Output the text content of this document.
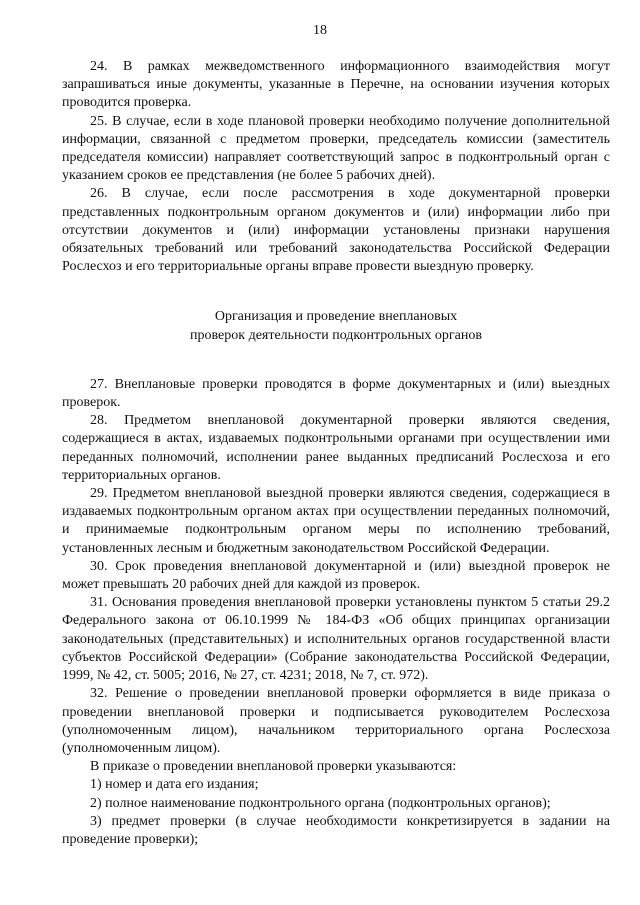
18

24. В рамках межведомственного информационного взаимодействия могут запрашиваться иные документы, указанные в Перечне, на основании изучения которых проводится проверка.

25. В случае, если в ходе плановой проверки необходимо получение дополнительной информации, связанной с предметом проверки, председатель комиссии (заместитель председателя комиссии) направляет соответствующий запрос в подконтрольный орган с указанием сроков ее представления (не более 5 рабочих дней).

26. В случае, если после рассмотрения в ходе документарной проверки представленных подконтрольным органом документов и (или) информации либо при отсутствии документов и (или) информации установлены признаки нарушения обязательных требований или требований законодательства Российской Федерации Рослесхоз и его территориальные органы вправе провести выездную проверку.

Организация и проведение внеплановых
проверок деятельности подконтрольных органов

27. Внеплановые проверки проводятся в форме документарных и (или) выездных проверок.

28. Предметом внеплановой документарной проверки являются сведения, содержащиеся в актах, издаваемых подконтрольными органами при осуществлении ими переданных полномочий, исполнении ранее выданных предписаний Рослесхоза и его территориальных органов.

29. Предметом внеплановой выездной проверки являются сведения, содержащиеся в издаваемых подконтрольным органом актах при осуществлении переданных полномочий, и принимаемые подконтрольным органом меры по исполнению требований, установленных лесным и бюджетным законодательством Российской Федерации.

30. Срок проведения внеплановой документарной и (или) выездной проверок не может превышать 20 рабочих дней для каждой из проверок.

31. Основания проведения внеплановой проверки установлены пунктом 5 статьи 29.2 Федерального закона от 06.10.1999 № 184-ФЗ «Об общих принципах организации законодательных (представительных) и исполнительных органов государственной власти субъектов Российской Федерации» (Собрание законодательства Российской Федерации, 1999, № 42, ст. 5005; 2016, № 27, ст. 4231; 2018, № 7, ст. 972).

32. Решение о проведении внеплановой проверки оформляется в виде приказа о проведении внеплановой проверки и подписывается руководителем Рослесхоза (уполномоченным лицом), начальником территориального органа Рослесхоза (уполномоченным лицом).

В приказе о проведении внеплановой проверки указываются:

1) номер и дата его издания;

2) полное наименование подконтрольного органа (подконтрольных органов);

3) предмет проверки (в случае необходимости конкретизируется в задании на проведение проверки);
